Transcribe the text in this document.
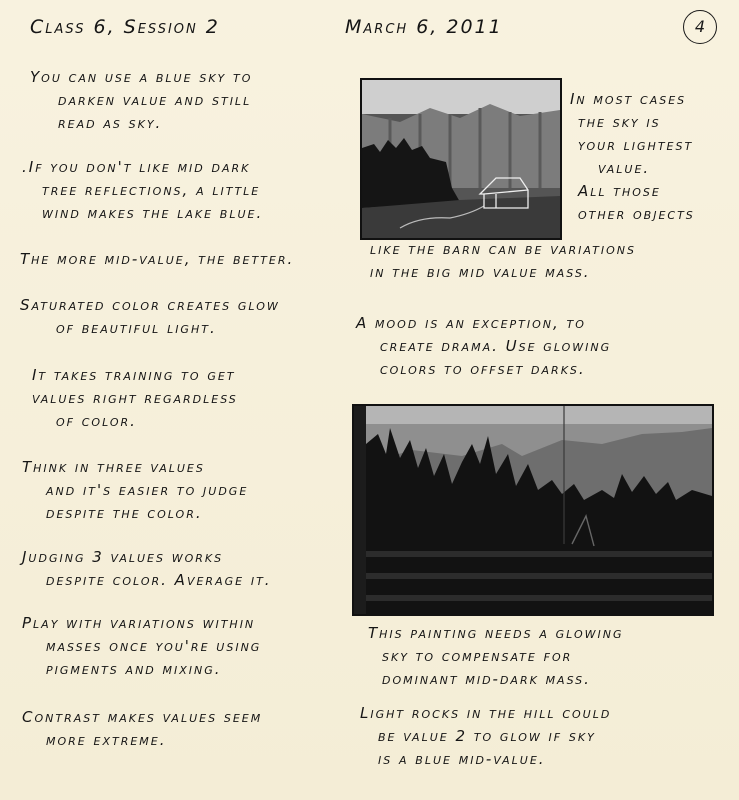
Class 6, Session 2	March 6, 2011	4
You can use a blue sky to
darken value and still
read as sky.
.If you don't like mid dark
tree reflections, a little
wind makes the lake blue.
The more mid-value, the better.
Saturated color creates glow
of beautiful light.
It takes training to get
values right regardless
of color.
Think in three values
and it's easier to judge
despite the color.
Judging 3 values works
despite color. Average it.
Play with variations within
masses once you're using
pigments and mixing.
Contrast makes values seem
more extreme.
In most cases
the sky is
your lightest
value.
All those
other objects
like the barn can be variations
in the big mid value mass.
A mood is an exception, to
create drama. Use glowing
colors to offset darks.
This painting needs a glowing
sky to compensate for
dominant mid-dark mass.
Light rocks in the hill could
be value 2 to glow if sky
is a blue mid-value.
